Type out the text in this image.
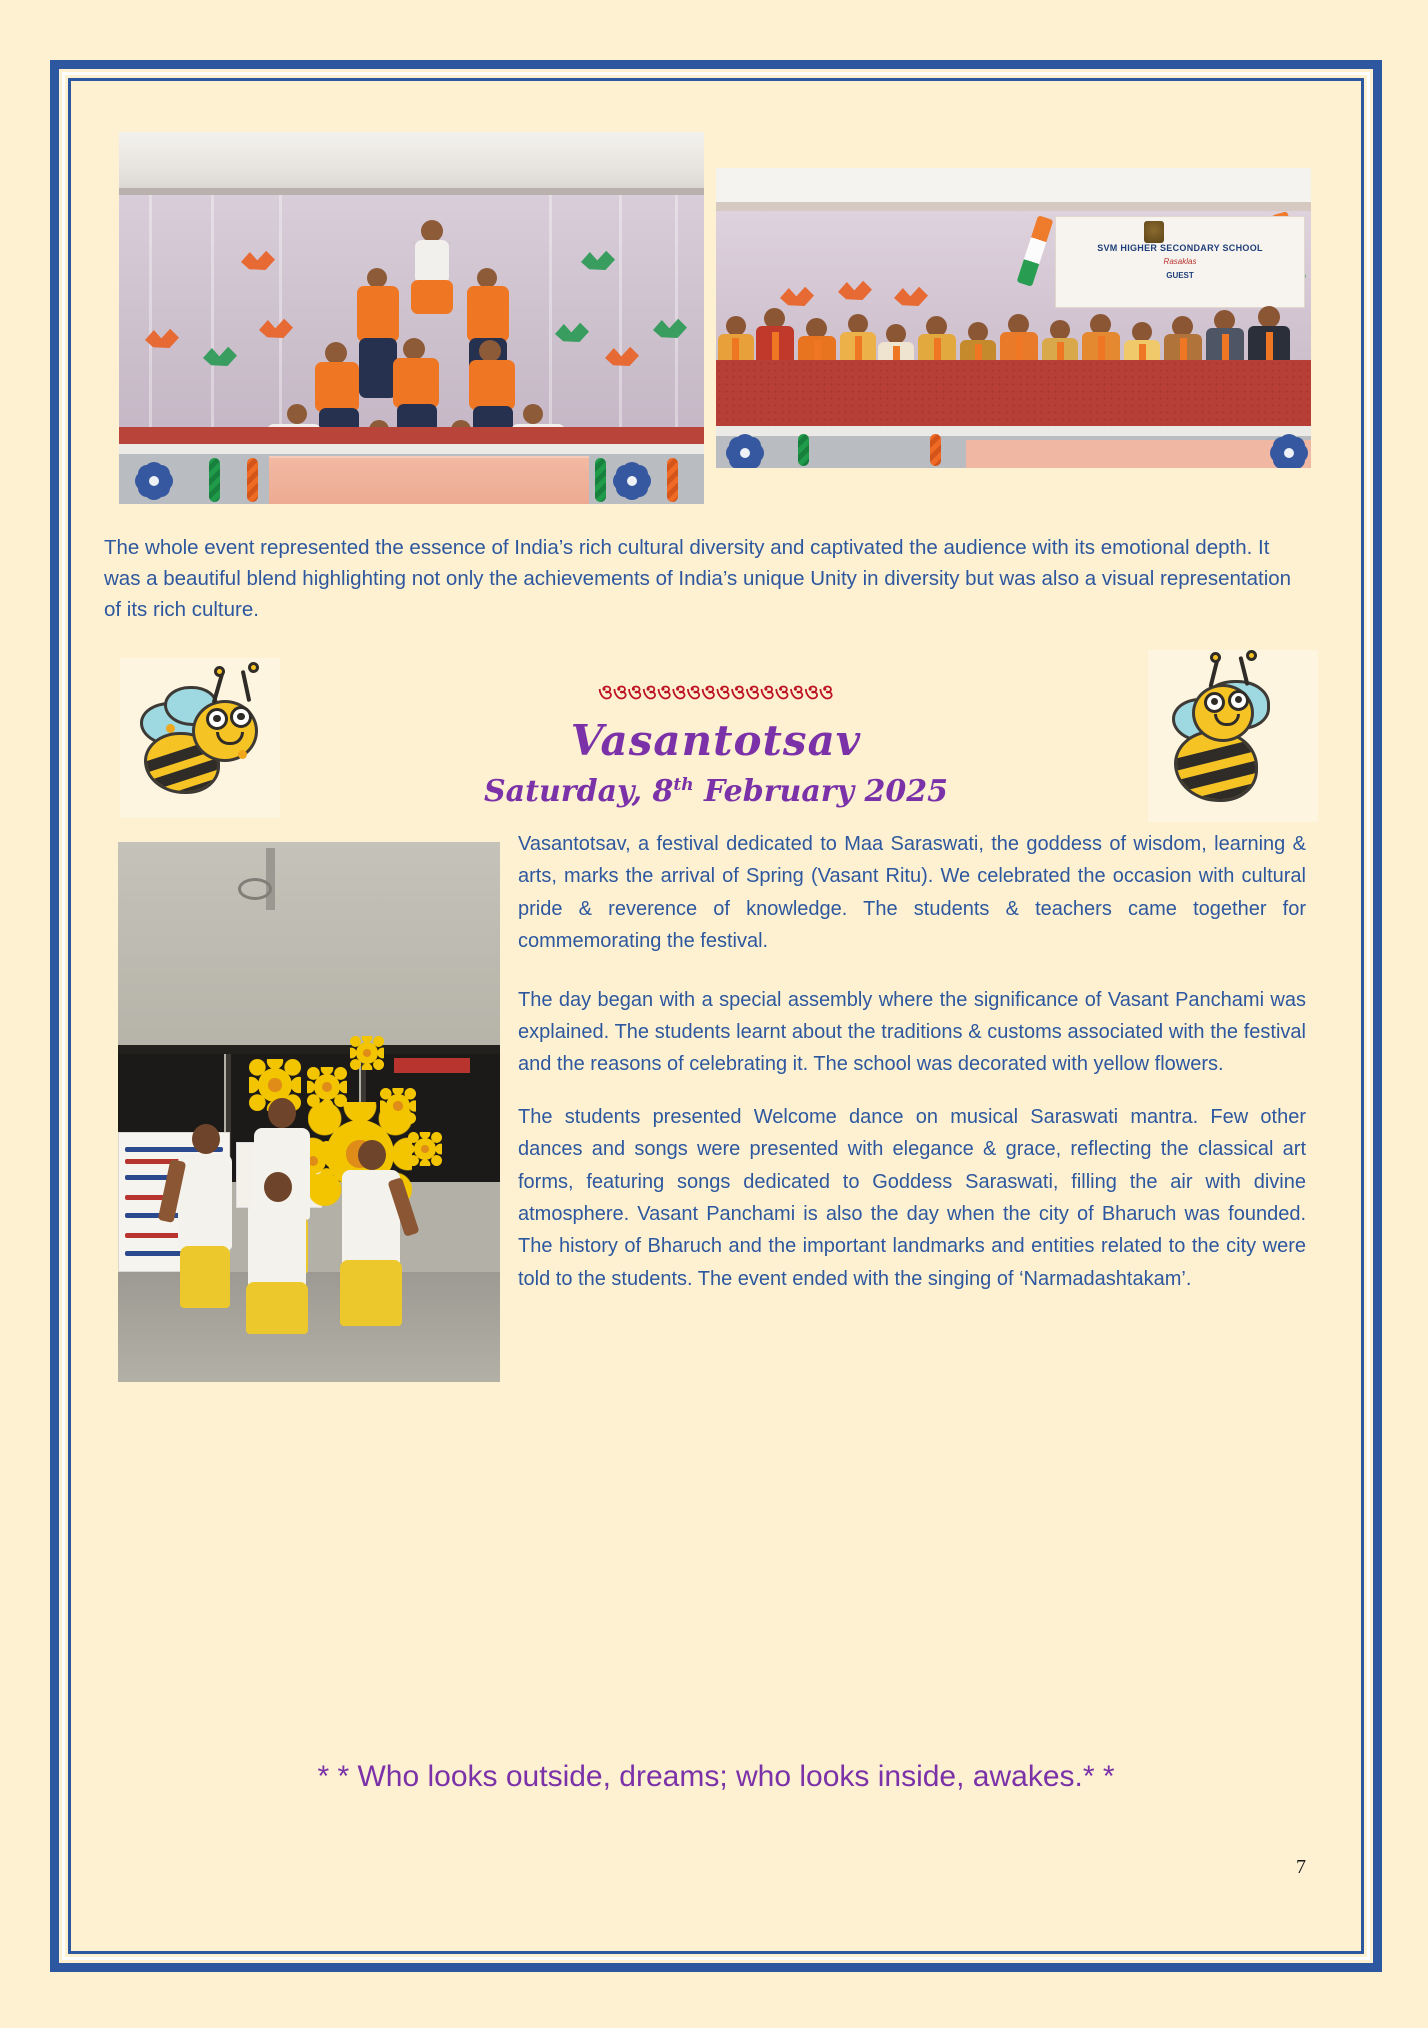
SVM HIGHER SECONDARY SCHOOL
Rasaklas
GUEST
The whole event represented the essence of India’s rich cultural diversity and captivated the audience with its emotional depth. It was a beautiful blend highlighting not only the achievements of India’s unique Unity in diversity but was also a visual representation of its rich culture.
ওওওওওওওওওওওওওওওও
Vasantotsav
Saturday, 8th February 2025
Vasantotsav, a festival dedicated to Maa Saraswati, the goddess of wisdom, learning & arts, marks the arrival of Spring (Vasant Ritu). We celebrated the occasion with cultural pride & reverence of knowledge. The students & teachers came together for commemorating the festival.
The day began with a special assembly where the significance of Vasant Panchami was explained. The students learnt about the traditions & customs associated with the festival and the reasons of celebrating it. The school was decorated with yellow flowers.
The students presented Welcome dance on musical Saraswati mantra. Few other dances and songs were presented with elegance & grace, reflecting the classical art forms, featuring songs dedicated to Goddess Saraswati, filling the air with divine atmosphere. Vasant Panchami is also the day when the city of Bharuch was founded. The history of Bharuch and the important landmarks and entities related to the city were told to the students. The event ended with the singing of ‘Narmadashtakam’.
* * Who looks outside, dreams; who looks inside, awakes.* *
7
